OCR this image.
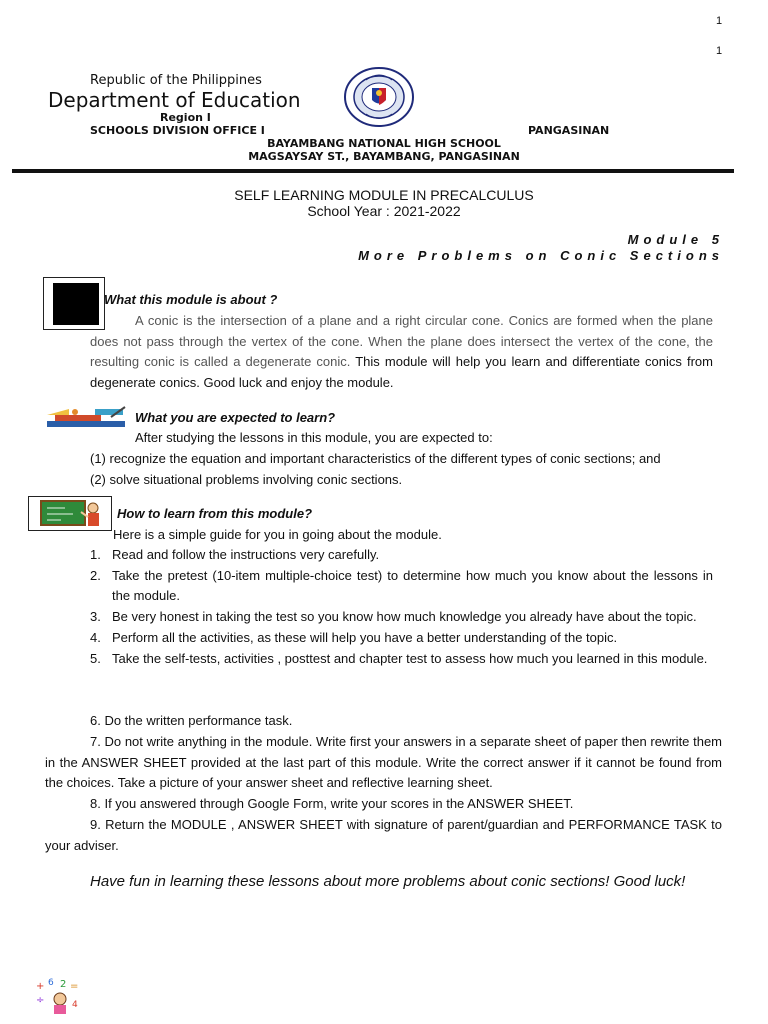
1
1
Republic of the Philippines
Department of Education
Region I
SCHOOLS DIVISION OFFICE I	PANGASINAN
BAYAMBANG NATIONAL HIGH SCHOOL
MAGSAYSAY ST., BAYAMBANG, PANGASINAN
SELF LEARNING MODULE IN PRECALCULUS
School Year : 2021-2022
Module 5
More Problems on Conic Sections
What this module is about ?
A conic is the intersection of a plane and a right circular cone. Conics are formed when the plane does not pass through the vertex of the cone. When the plane does intersect the vertex of the cone, the resulting conic is called a degenerate conic. This module will help you learn and differentiate conics from degenerate conics. Good luck and enjoy the module.
What you are expected to learn?
After studying the lessons in this module, you are expected to:
(1) recognize the equation and important characteristics of the different types of conic sections; and
(2) solve situational problems involving conic sections.
How to learn from this module?
Here is a simple guide for you in going about the module.
1. Read and follow the instructions very carefully.
2. Take the pretest (10-item multiple-choice test) to determine how much you know about the lessons in the module.
3. Be very honest in taking the test so you know how much knowledge you already have about the topic.
4. Perform all the activities, as these will help you have a better understanding of the topic.
5. Take the self-tests, activities , posttest and chapter test to assess how much you learned in this module.
6. Do the written performance task.
7. Do not write anything in the module. Write first your answers in a separate sheet of paper then rewrite them in the ANSWER SHEET provided at the last part of this module. Write the correct answer if it cannot be found from the choices. Take a picture of your answer sheet and reflective learning sheet.
8. If you answered through Google Form, write your scores in the ANSWER SHEET.
9. Return the MODULE , ANSWER SHEET with signature of parent/guardian and PERFORMANCE TASK to your adviser.
Have fun in learning these lessons about more problems about conic sections! Good luck!
+ 6 2 =
÷	4
